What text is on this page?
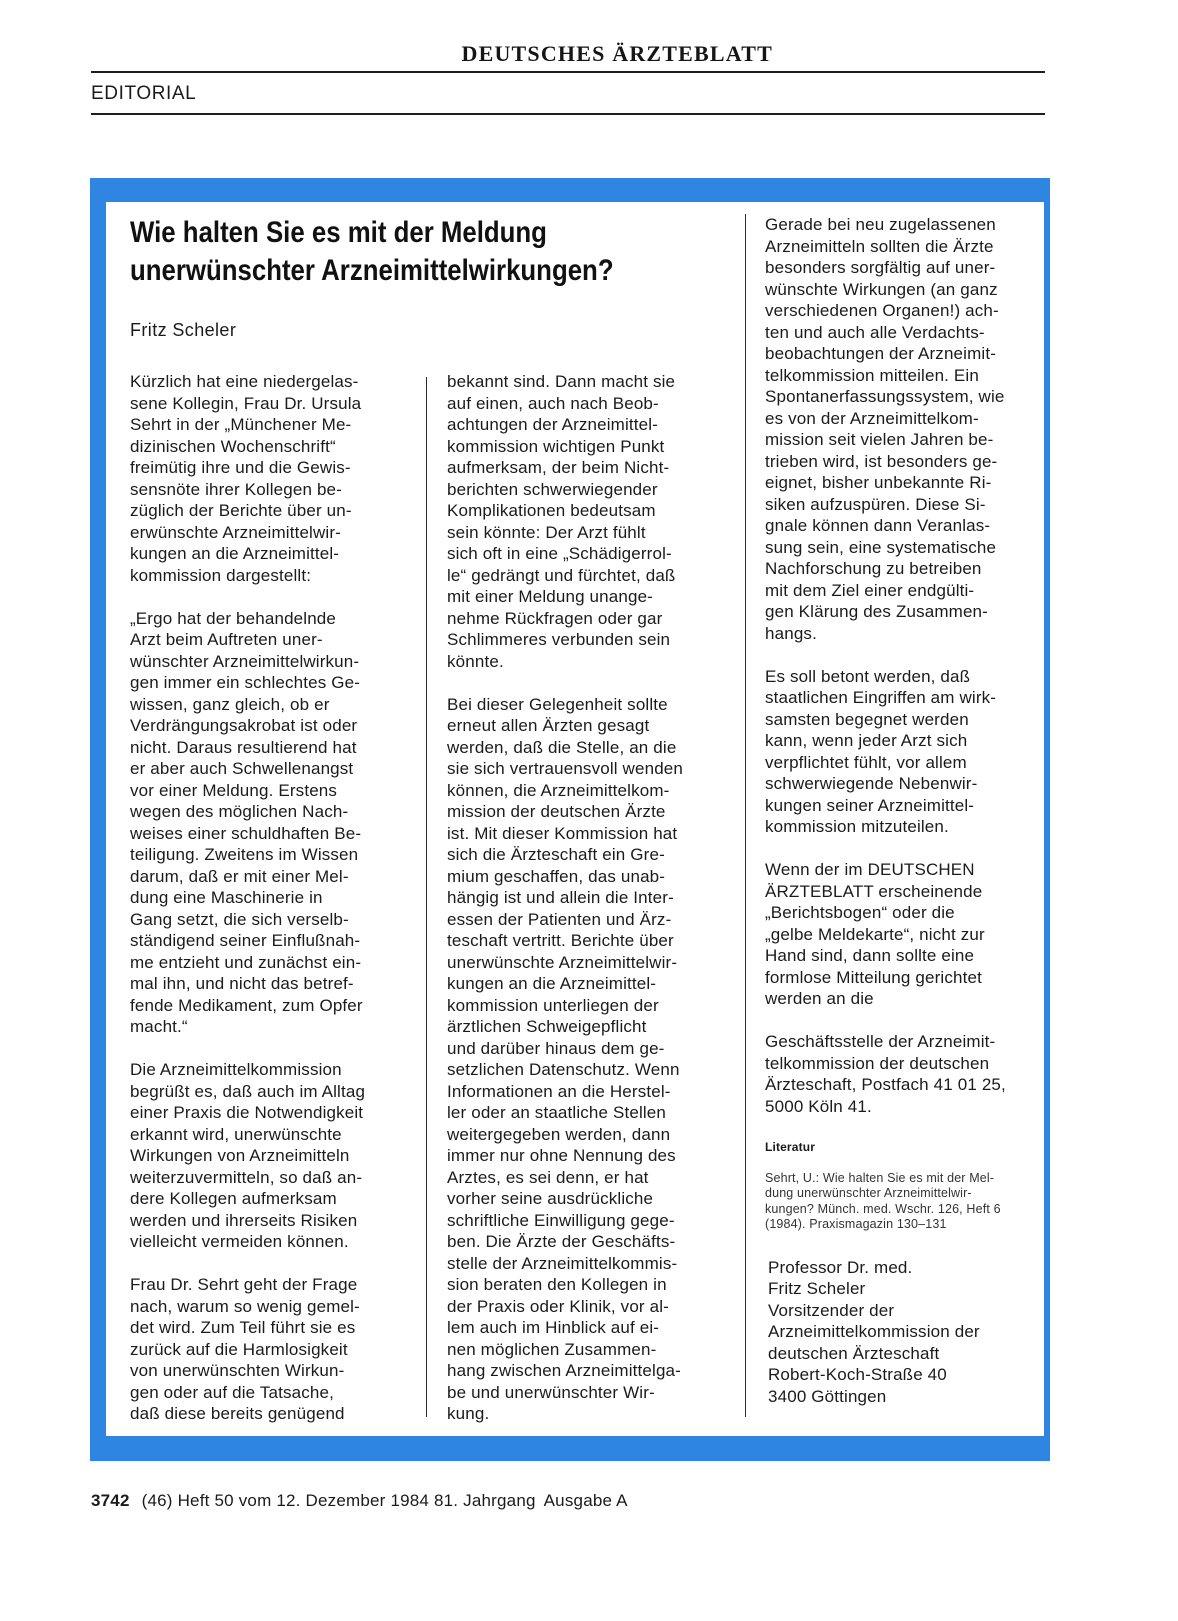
DEUTSCHES ÄRZTEBLATT
EDITORIAL
Wie halten Sie es mit der Meldung
unerwünschter Arzneimittelwirkungen?
Fritz Scheler

Kürzlich hat eine niedergelas-
sene Kollegin, Frau Dr. Ursula
Sehrt in der „Münchener Me-
dizinischen Wochenschrift“
freimütig ihre und die Gewis-
sensnöte ihrer Kollegen be-
züglich der Berichte über un-
erwünschte Arzneimittelwir-
kungen an die Arzneimittel-
kommission dargestellt:

„Ergo hat der behandelnde
Arzt beim Auftreten uner-
wünschter Arzneimittelwirkun-
gen immer ein schlechtes Ge-
wissen, ganz gleich, ob er
Verdrängungsakrobat ist oder
nicht. Daraus resultierend hat
er aber auch Schwellenangst
vor einer Meldung. Erstens
wegen des möglichen Nach-
weises einer schuldhaften Be-
teiligung. Zweitens im Wissen
darum, daß er mit einer Mel-
dung eine Maschinerie in
Gang setzt, die sich verselb-
ständigend seiner Einflußnah-
me entzieht und zunächst ein-
mal ihn, und nicht das betref-
fende Medikament, zum Opfer
macht.“

Die Arzneimittelkommission
begrüßt es, daß auch im Alltag
einer Praxis die Notwendigkeit
erkannt wird, unerwünschte
Wirkungen von Arzneimitteln
weiterzuvermitteln, so daß an-
dere Kollegen aufmerksam
werden und ihrerseits Risiken
vielleicht vermeiden können.

Frau Dr. Sehrt geht der Frage
nach, warum so wenig gemel-
det wird. Zum Teil führt sie es
zurück auf die Harmlosigkeit
von unerwünschten Wirkun-
gen oder auf die Tatsache,
daß diese bereits genügend

bekannt sind. Dann macht sie
auf einen, auch nach Beob-
achtungen der Arzneimittel-
kommission wichtigen Punkt
aufmerksam, der beim Nicht-
berichten schwerwiegender
Komplikationen bedeutsam
sein könnte: Der Arzt fühlt
sich oft in eine „Schädigerrol-
le“ gedrängt und fürchtet, daß
mit einer Meldung unange-
nehme Rückfragen oder gar
Schlimmeres verbunden sein
könnte.

Bei dieser Gelegenheit sollte
erneut allen Ärzten gesagt
werden, daß die Stelle, an die
sie sich vertrauensvoll wenden
können, die Arzneimittelkom-
mission der deutschen Ärzte
ist. Mit dieser Kommission hat
sich die Ärzteschaft ein Gre-
mium geschaffen, das unab-
hängig ist und allein die Inter-
essen der Patienten und Ärz-
teschaft vertritt. Berichte über
unerwünschte Arzneimittelwir-
kungen an die Arzneimittel-
kommission unterliegen der
ärztlichen Schweigepflicht
und darüber hinaus dem ge-
setzlichen Datenschutz. Wenn
Informationen an die Herstel-
ler oder an staatliche Stellen
weitergegeben werden, dann
immer nur ohne Nennung des
Arztes, es sei denn, er hat
vorher seine ausdrückliche
schriftliche Einwilligung gege-
ben. Die Ärzte der Geschäfts-
stelle der Arzneimittelkommis-
sion beraten den Kollegen in
der Praxis oder Klinik, vor al-
lem auch im Hinblick auf ei-
nen möglichen Zusammen-
hang zwischen Arzneimittelga-
be und unerwünschter Wir-
kung.

Gerade bei neu zugelassenen
Arzneimitteln sollten die Ärzte
besonders sorgfältig auf uner-
wünschte Wirkungen (an ganz
verschiedenen Organen!) ach-
ten und auch alle Verdachts-
beobachtungen der Arzneimit-
telkommission mitteilen. Ein
Spontanerfassungssystem, wie
es von der Arzneimittelkom-
mission seit vielen Jahren be-
trieben wird, ist besonders ge-
eignet, bisher unbekannte Ri-
siken aufzuspüren. Diese Si-
gnale können dann Veranlas-
sung sein, eine systematische
Nachforschung zu betreiben
mit dem Ziel einer endgülti-
gen Klärung des Zusammen-
hangs.

Es soll betont werden, daß
staatlichen Eingriffen am wirk-
samsten begegnet werden
kann, wenn jeder Arzt sich
verpflichtet fühlt, vor allem
schwerwiegende Nebenwir-
kungen seiner Arzneimittel-
kommission mitzuteilen.

Wenn der im DEUTSCHEN
ÄRZTEBLATT erscheinende
„Berichtsbogen“ oder die
„gelbe Meldekarte“, nicht zur
Hand sind, dann sollte eine
formlose Mitteilung gerichtet
werden an die

Geschäftsstelle der Arzneimit-
telkommission der deutschen
Ärzteschaft, Postfach 41 01 25,
5000 Köln 41.

Literatur

Sehrt, U.: Wie halten Sie es mit der Mel-
dung unerwünschter Arzneimittelwir-
kungen? Münch. med. Wschr. 126, Heft 6
(1984). Praxismagazin 130–131

Professor Dr. med.
Fritz Scheler
Vorsitzender der
Arzneimittelkommission der
deutschen Ärzteschaft
Robert-Koch-Straße 40
3400 Göttingen

3742 (46) Heft 50 vom 12. Dezember 1984 81. Jahrgang Ausgabe A
